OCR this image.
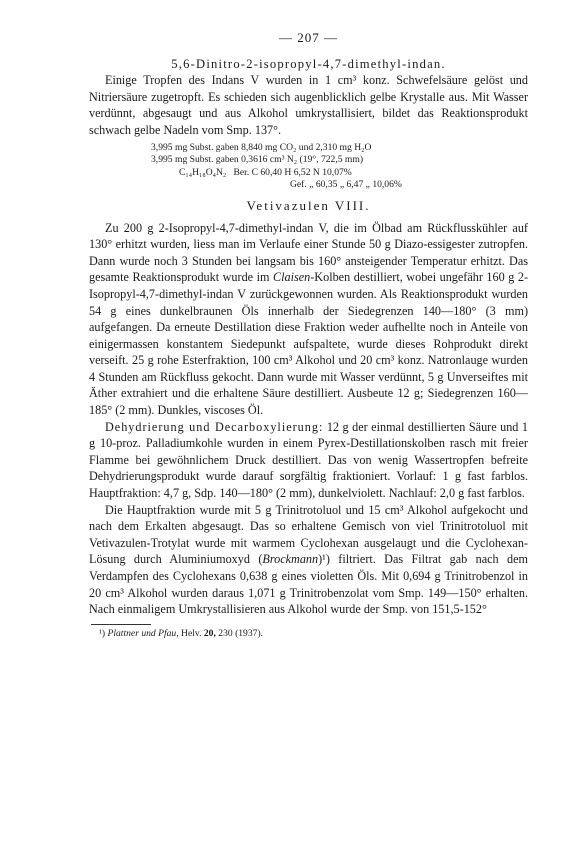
— 207 —
5,6-Dinitro-2-isopropyl-4,7-dimethyl-indan.

Einige Tropfen des Indans V wurden in 1 cm³ konz. Schwefelsäure gelöst und Nitriersäure zugetropft. Es schieden sich augenblicklich gelbe Krystalle aus. Mit Wasser verdünnt, abgesaugt und aus Alkohol umkrystallisiert, bildet das Reaktionsprodukt schwach gelbe Nadeln vom Smp. 137°.

3,995 mg Subst. gaben 8,840 mg CO₂ und 2,310 mg H₂O
3,995 mg Subst. gaben 0,3616 cm³ N₂ (19°, 722,5 mm)
C₁₄H₁₈O₄N₂ Ber. C 60,40 H 6,52 N 10,07%
Gef. „ 60,35 „ 6,47 „ 10,06%
Vetivazulen VIII.

Zu 200 g 2-Isopropyl-4,7-dimethyl-indan V, die im Ölbad am Rückflusskühler auf 130° erhitzt wurden, liess man im Verlaufe einer Stunde 50 g Diazo-essigester zutropfen. Dann wurde noch 3 Stunden bei langsam bis 160° ansteigender Temperatur erhitzt. Das gesamte Reaktionsprodukt wurde im Claisen-Kolben destilliert, wobei ungefähr 160 g 2-Isopropyl-4,7-dimethyl-indan V zurückgewonnen wurden. Als Reaktionsprodukt wurden 54 g eines dunkelbraunen Öls innerhalb der Siedegrenzen 140—180° (3 mm) aufgefangen. Da erneute Destillation diese Fraktion weder aufhellte noch in Anteile von einigermassen konstantem Siedepunkt aufspaltete, wurde dieses Rohprodukt direkt verseift. 25 g rohe Esterfraktion, 100 cm³ Alkohol und 20 cm³ konz. Natronlauge wurden 4 Stunden am Rückfluss gekocht. Dann wurde mit Wasser verdünnt, 5 g Unverseiftes mit Äther extrahiert und die erhaltene Säure destilliert. Ausbeute 12 g; Siedegrenzen 160—185° (2 mm). Dunkles, viscoses Öl.

Dehydrierung und Decarboxylierung: 12 g der einmal destillierten Säure und 1 g 10-proz. Palladiumkohle wurden in einem Pyrex-Destillationskolben rasch mit freier Flamme bei gewöhnlichem Druck destilliert. Das von wenig Wassertropfen befreite Dehydrierungsprodukt wurde darauf sorgfältig fraktioniert. Vorlauf: 1 g fast farblos. Hauptfraktion: 4,7 g, Sdp. 140—180° (2 mm), dunkelviolett. Nachlauf: 2,0 g fast farblos.

Die Hauptfraktion wurde mit 5 g Trinitrotoluol und 15 cm³ Alkohol aufgekocht und nach dem Erkalten abgesaugt. Das so erhaltene Gemisch von viel Trinitrotoluol mit Vetivazulen-Trotylat wurde mit warmem Cyclohexan ausgelaugt und die Cyclohexan-Lösung durch Aluminiumoxyd (Brockmann)¹) filtriert. Das Filtrat gab nach dem Verdampfen des Cyclohexans 0,638 g eines violetten Öls. Mit 0,694 g Trinitrobenzol in 20 cm³ Alkohol wurden daraus 1,071 g Trinitrobenzolat vom Smp. 149—150° erhalten. Nach einmaligem Umkrystallisieren aus Alkohol wurde der Smp. von 151,5-152°

¹) Plattner und Pfau, Helv. 20, 230 (1937).
